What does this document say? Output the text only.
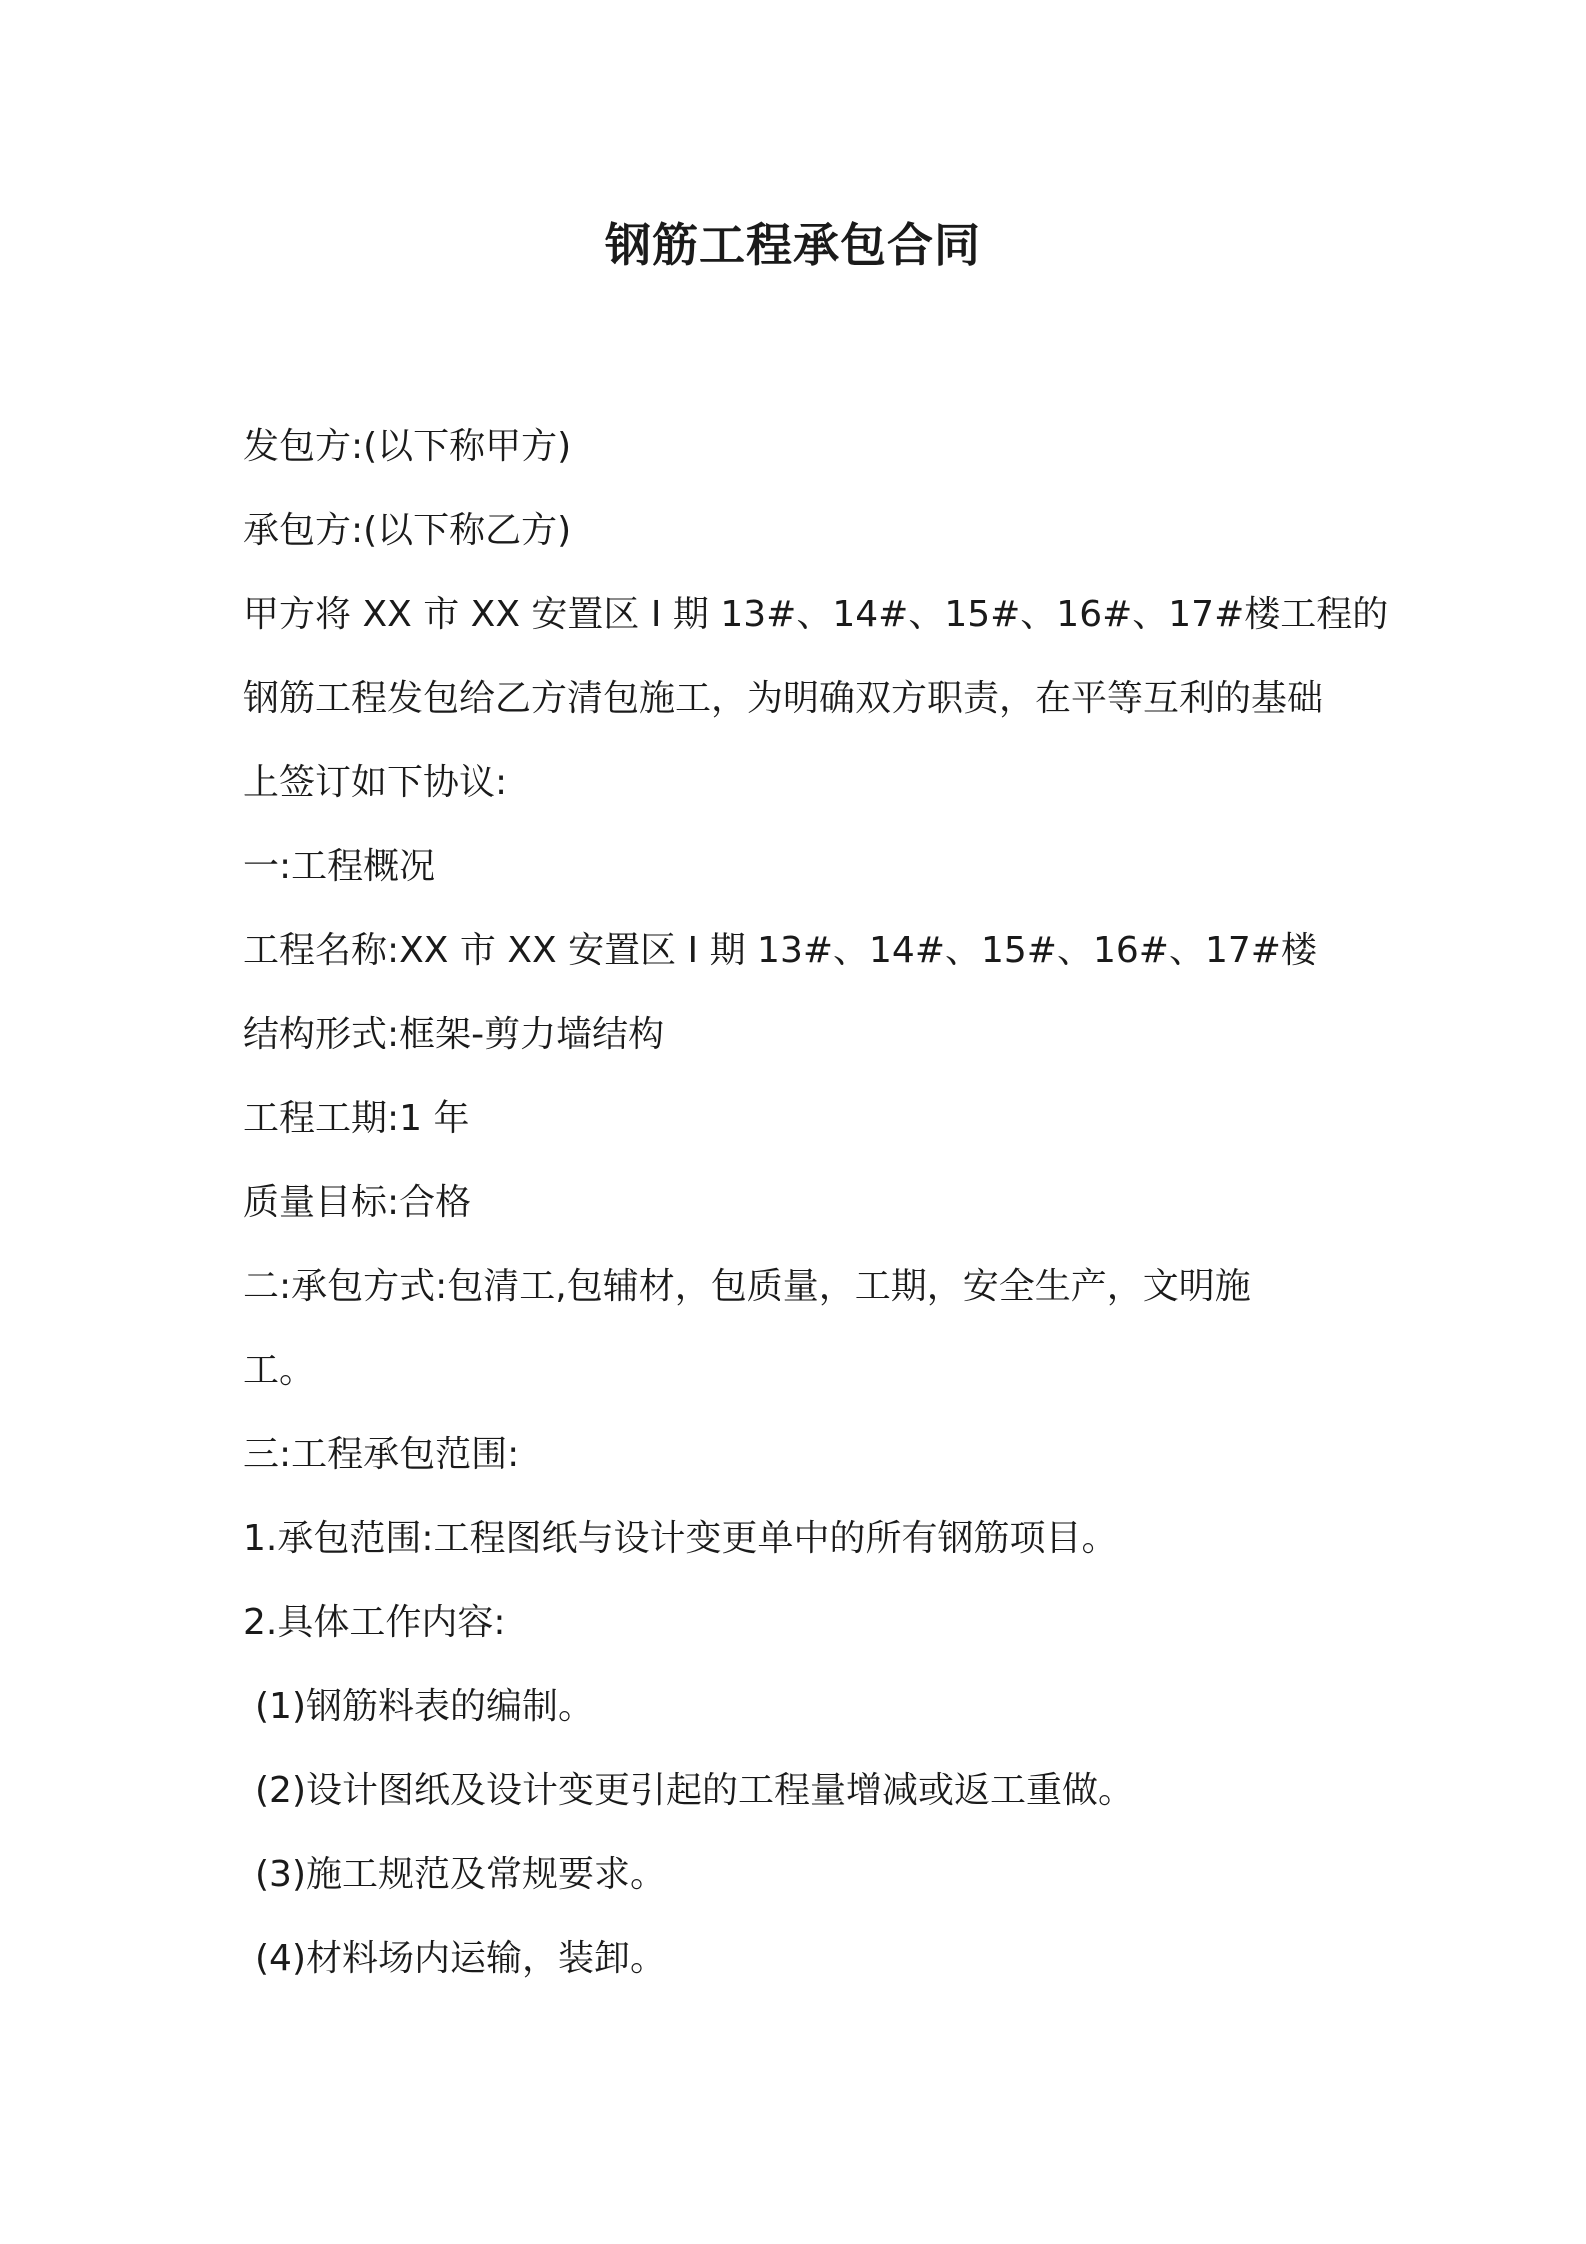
钢筋工程承包合同
发包方:(以下称甲方)
承包方:(以下称乙方)
甲方将 XX 市 XX 安置区 I 期 13#、14#、15#、16#、17#楼工程的
钢筋工程发包给乙方清包施工，为明确双方职责，在平等互利的基础
上签订如下协议:
一:工程概况
工程名称:XX 市 XX 安置区 I 期 13#、14#、15#、16#、17#楼
结构形式:框架-剪力墙结构
工程工期:1 年
质量目标:合格
二:承包方式:包清工,包辅材，包质量，工期，安全生产，文明施
工。
三:工程承包范围:
1.承包范围:工程图纸与设计变更单中的所有钢筋项目。
2.具体工作内容:
(1)钢筋料表的编制。
(2)设计图纸及设计变更引起的工程量增减或返工重做。
(3)施工规范及常规要求。
(4)材料场内运输，装卸。
